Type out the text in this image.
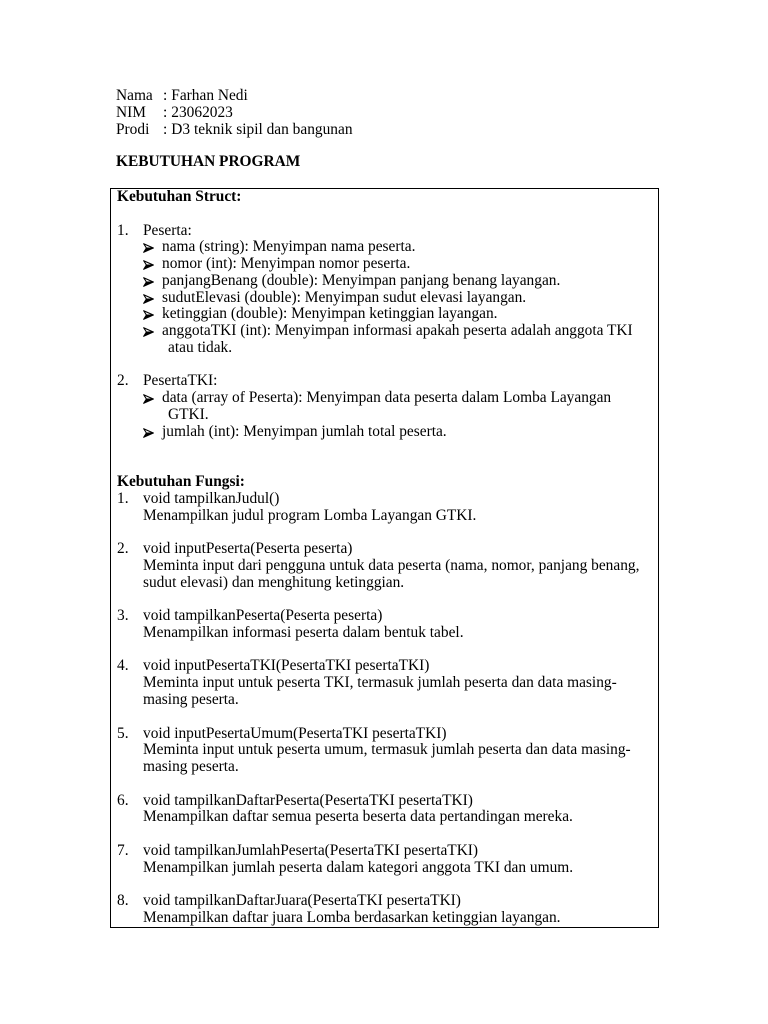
Nama : Farhan Nedi
NIM	: 23062023
Prodi : D3 teknik sipil dan bangunan
KEBUTUHAN PROGRAM
Kebutuhan Struct:
1. Peserta:
nama (string): Menyimpan nama peserta.
nomor (int): Menyimpan nomor peserta.
panjangBenang (double): Menyimpan panjang benang layangan.
sudutElevasi (double): Menyimpan sudut elevasi layangan.
ketinggian (double): Menyimpan ketinggian layangan.
anggotaTKI (int): Menyimpan informasi apakah peserta adalah anggota TKI
atau tidak.
2. PesertaTKI:
data (array of Peserta): Menyimpan data peserta dalam Lomba Layangan
GTKI.
jumlah (int): Menyimpan jumlah total peserta.
Kebutuhan Fungsi:
1. void tampilkanJudul()
Menampilkan judul program Lomba Layangan GTKI.
2. void inputPeserta(Peserta peserta)
Meminta input dari pengguna untuk data peserta (nama, nomor, panjang benang,
sudut elevasi) dan menghitung ketinggian.
3. void tampilkanPeserta(Peserta peserta)
Menampilkan informasi peserta dalam bentuk tabel.
4. void inputPesertaTKI(PesertaTKI pesertaTKI)
Meminta input untuk peserta TKI, termasuk jumlah peserta dan data masing-
masing peserta.
5. void inputPesertaUmum(PesertaTKI pesertaTKI)
Meminta input untuk peserta umum, termasuk jumlah peserta dan data masing-
masing peserta.
6. void tampilkanDaftarPeserta(PesertaTKI pesertaTKI)
Menampilkan daftar semua peserta beserta data pertandingan mereka.
7. void tampilkanJumlahPeserta(PesertaTKI pesertaTKI)
Menampilkan jumlah peserta dalam kategori anggota TKI dan umum.
8. void tampilkanDaftarJuara(PesertaTKI pesertaTKI)
Menampilkan daftar juara Lomba berdasarkan ketinggian layangan.
